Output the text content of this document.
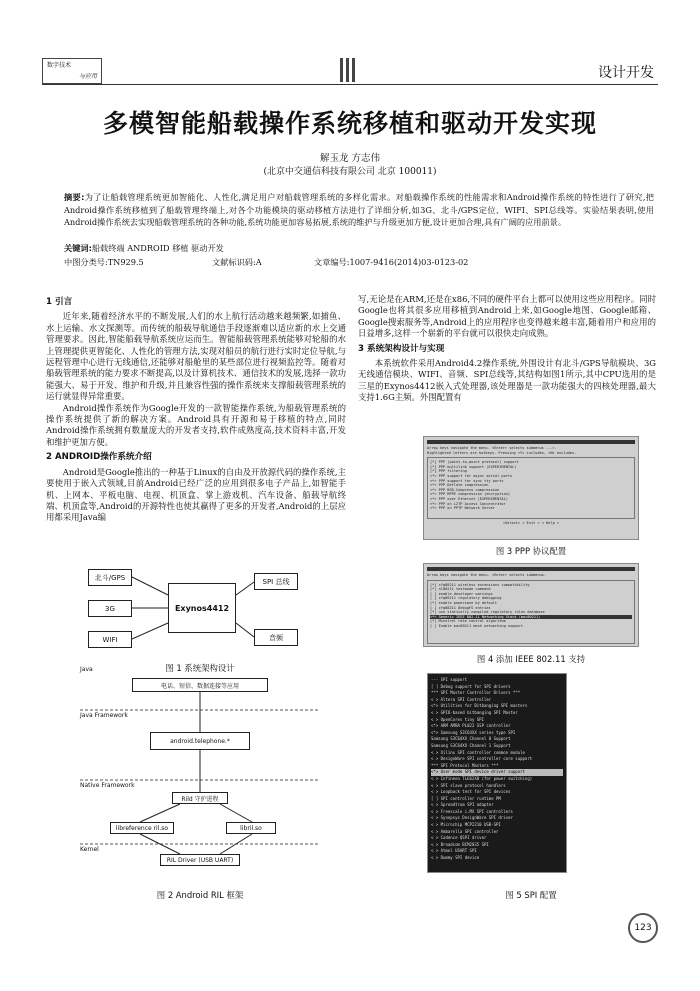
数字技术
与应用	设计开发
多模智能船载操作系统移植和驱动开发实现
解玉龙 方志伟
(北京中交通信科技有限公司 北京 100011)
摘要:为了让船载管理系统更加智能化、人性化,满足用户对船载管理系统的多样化需求。对船载操作系统的性能需求和Android操作系统的特性进行了研究,把Android操作系统移植到了船载管理终端上,对各个功能模块的驱动移植方法进行了详细分析,如3G、北斗/GPS定位、WIFI、SPI总线等。实验结果表明,使用Android操作系统去实现船载管理系统的各种功能,系统功能更加容易拓展,系统的维护与升级更加方便,设计更加合理,具有广阔的应用前景。
关键词:船载终端 ANDROID 移植 驱动开发
中图分类号:TN929.5	文献标识码:A	文章编号:1007-9416(2014)03-0123-02
1 引言

近年来,随着经济水平的不断发展,人们的水上航行活动越来越频繁,如捕鱼、水上运输、水文探测等。而传统的船载导航通信手段逐渐难以适应新的水上交通管理要求。因此,智能船载导航系统应运而生。智能船载管理系统能够对轮船的水上管理提供更智能化、人性化的管理方法,实现对船员的航行进行实时定位导航,与远程管理中心进行无线通信,还能够对船舱里的某些部位进行视频监控等。随着对船载管理系统的能力要求不断提高,以及计算机技术、通信技术的发展,选择一款功能强大、易于开发、维护和升级,并且兼容性强的操作系统来支撑船载管理系统的运行就显得异常重要。

Android操作系统作为Google开发的一款智能操作系统,为船载管理系统的操作系统提供了新的解决方案。Android具有开源和易于移植的特点,同时Android操作系统拥有数量庞大的开发者支持,软件成熟度高,技术资料丰富,开发和维护更加方便。

2 ANDROID操作系统介绍

Android是Google推出的一种基于Linux的自由及开放源代码的操作系统,主要使用于嵌入式领域,目前Android已经广泛的应用到很多电子产品上,如智能手机、上网本、平板电脑、电视、机顶盒、掌上游戏机、汽车设备、船载导航终端、机顶盒等,Android的开源特性也使其赢得了更多的开发者,Android的上层应用都采用Java编

写,无论是在ARM,还是在x86,不同的硬件平台上都可以使用这些应用程序。同时Google也将其很多应用移植到Android上来,如Google地图、Google邮箱、Google搜索服务等,Android上的应用程序也变得越来越丰富,随着用户和应用的日益增多,这样一个崭新的平台就可以很快走向成熟。

3 系统架构设计与实现

本系统软件采用Android4.2操作系统,外围设计有北斗/GPS导航模块、3G无线通信模块、WIFI、音频、SPI总线等,其结构如图1所示,其中CPU选用的是三星的Exynos4412嵌入式处理器,该处理器是一款功能强大的四核处理器,最大支持1.6G主频。外围配置有

北斗/GPS
3G
WIFI
Exynos4412
SPI 总线
音频
图 1 系统架构设计
Java
Java Framework
Native Framework
Kernel
电话、短信、数据连接等应用
android.telephone.*
Rild 守护进程
libreference ril.so	libril.so
RIL Driver (USB UART)
图 2 Android RIL 框架
Arrow keys navigate the menu. <Enter> selects submenus --->.
Highlighted letters are hotkeys. Pressing <Y> includes, <N> excludes.
[*] PPP (point-to-point protocol) support
[*] PPP multilink support (EXPERIMENTAL)
[*] PPP filtering
<*> PPP support for async serial ports
<*> PPP support for sync tty ports
<*> PPP Deflate compression
<*> PPP BSD-Compress compression
<*> PPP MPPE compression (encryption)
<*> PPP over Ethernet (EXPERIMENTAL)
<*> PPP on L2TP Access Concentrator
<*> PPP on PPTP Network Server
<Select> < Exit > < Help >
图 3 PPP 协议配置
Arrow keys navigate the menu. <Enter> selects submenus.
[*] cfg80211 wireless extensions compatibility
[*] nl80211 testmode command
[ ] enable developer warnings
[ ] cfg80211 regulatory debugging
[*] enable powersave by default
[ ] cfg80211 DebugFS entries
[*] use statically compiled regulatory rules database
<*> Generic IEEE 802.11 Networking Stack (mac80211)
[*] Minstrel rate control algorithm
[ ] Enable mac80211 mesh networking support
图 4 添加 IEEE 802.11 支持
--- SPI support
[ ] Debug support for SPI drivers
*** SPI Master Controller Drivers ***
< > Altera SPI Controller
<*> Utilities for Bitbanging SPI masters
< > GPIO-based bitbanging SPI Master
< > OpenCores tiny SPI
<*> ARM AMBA PL022 SSP controller
<*> Samsung S3C64XX series type SPI
Samsung S3C64XX Channel 0 Support
Samsung S3C64XX Channel 1 Support
< > Xilinx SPI controller common module
< > DesignWare SPI controller core support
*** SPI Protocol Masters ***
<*> User mode SPI device driver support
< > Infineon TLE62X0 (for power switching)
< > SPI slave protocol handlers
< > Loopback test for SPI devices
[ ] SPI controller runtime PM
< > Spreadtrum SPI adapter
< > Freescale i.MX SPI controllers
< > Synopsys DesignWare SPI driver
< > Microchip MCP2210 USB-SPI
< > Ambarella SPI controller
< > Cadence QSPI driver
< > Broadcom BCM2835 SPI
< > Atmel USART SPI
< > Dummy SPI device
图 5 SPI 配置
123
